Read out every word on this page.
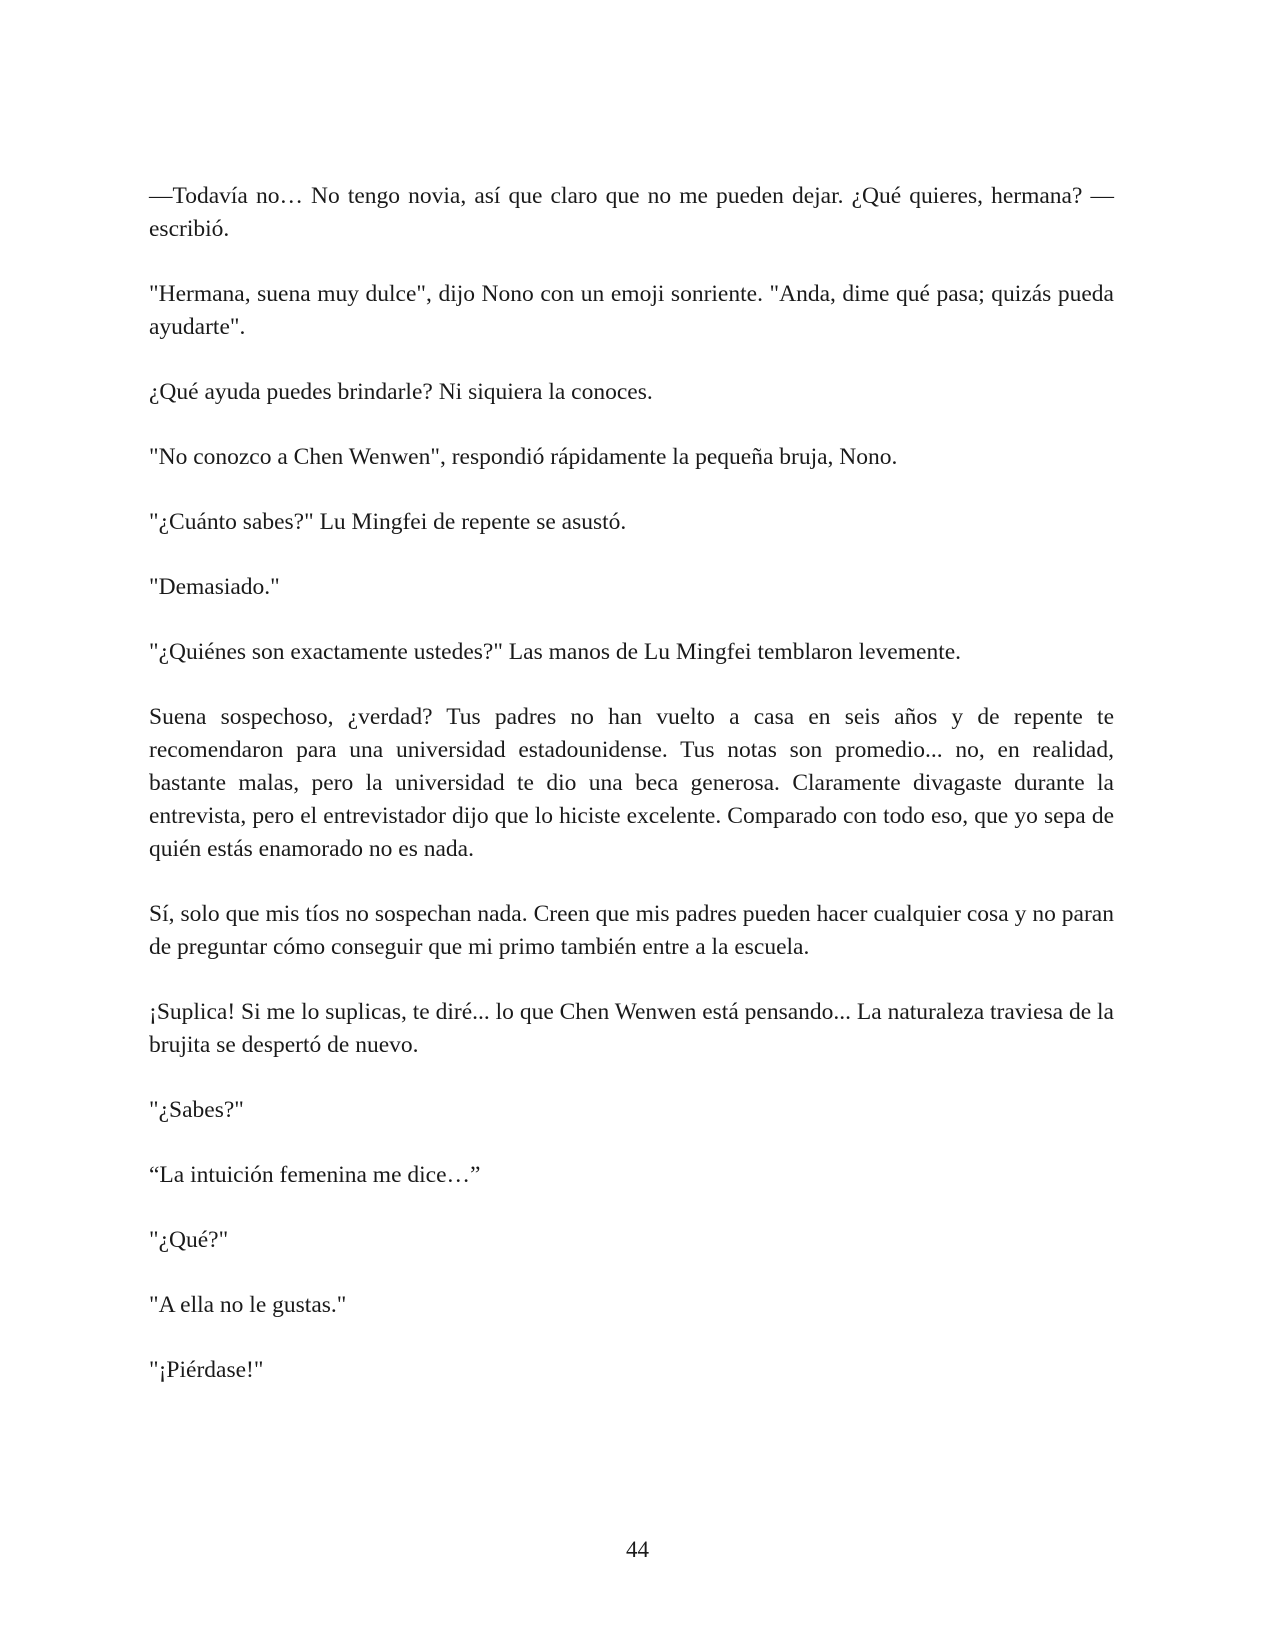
—Todavía no… No tengo novia, así que claro que no me pueden dejar. ¿Qué quieres, hermana? —escribió.

"Hermana, suena muy dulce", dijo Nono con un emoji sonriente. "Anda, dime qué pasa; quizás pueda ayudarte".

¿Qué ayuda puedes brindarle? Ni siquiera la conoces.

"No conozco a Chen Wenwen", respondió rápidamente la pequeña bruja, Nono.

"¿Cuánto sabes?" Lu Mingfei de repente se asustó.

"Demasiado."

"¿Quiénes son exactamente ustedes?" Las manos de Lu Mingfei temblaron levemente.

Suena sospechoso, ¿verdad? Tus padres no han vuelto a casa en seis años y de repente te recomendaron para una universidad estadounidense. Tus notas son promedio... no, en realidad, bastante malas, pero la universidad te dio una beca generosa. Claramente divagaste durante la entrevista, pero el entrevistador dijo que lo hiciste excelente. Comparado con todo eso, que yo sepa de quién estás enamorado no es nada.

Sí, solo que mis tíos no sospechan nada. Creen que mis padres pueden hacer cualquier cosa y no paran de preguntar cómo conseguir que mi primo también entre a la escuela.

¡Suplica! Si me lo suplicas, te diré... lo que Chen Wenwen está pensando... La naturaleza traviesa de la brujita se despertó de nuevo.

"¿Sabes?"

“La intuición femenina me dice…”

"¿Qué?"

"A ella no le gustas."

"¡Piérdase!"

44
